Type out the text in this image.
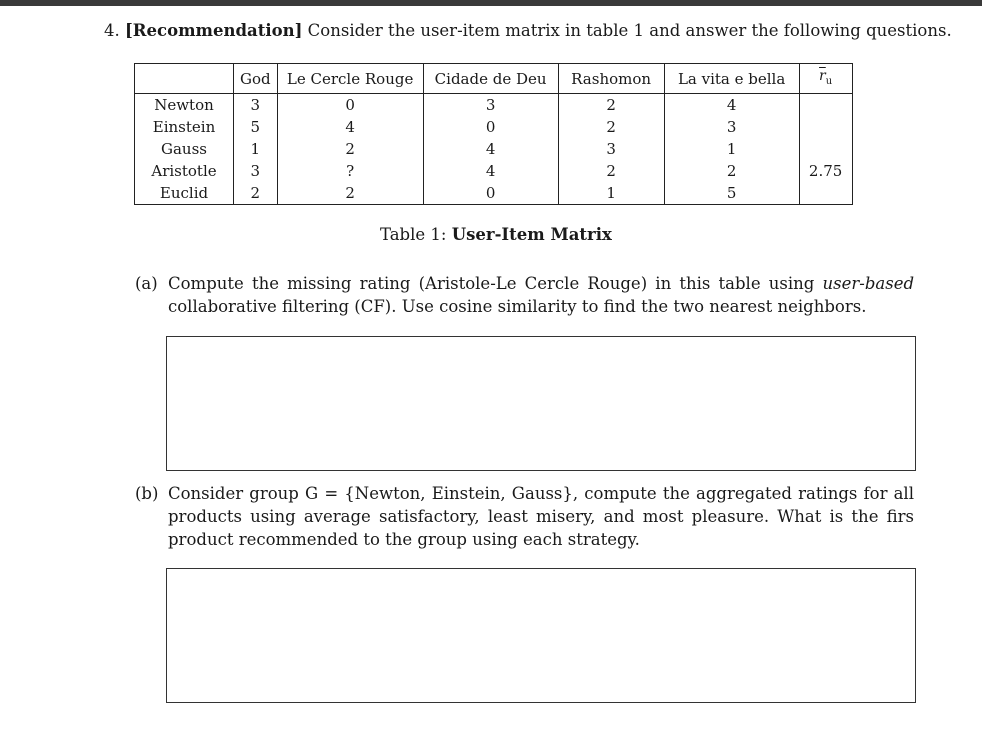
4. [Recommendation] Consider the user-item matrix in table 1 and answer the following questions.
	God	Le Cercle Rouge	Cidade de Deu	Rashomon	La vita e bella	$\overline{r}_u$
Newton	3	0	3	2	4	
Einstein	5	4	0	2	3	
Gauss	1	2	4	3	1	
Aristotle	3	?	4	2	2	2.75
Euclid	2	2	0	1	5	
Table 1: User-Item Matrix
(a) Compute the missing rating (Aristole-Le Cercle Rouge) in this table using user-based collaborative filtering (CF). Use cosine similarity to find the two nearest neighbors.
(b) Consider group G = {Newton, Einstein, Gauss}, compute the aggregated ratings for all products using average satisfactory, least misery, and most pleasure. What is the firs product recommended to the group using each strategy.
